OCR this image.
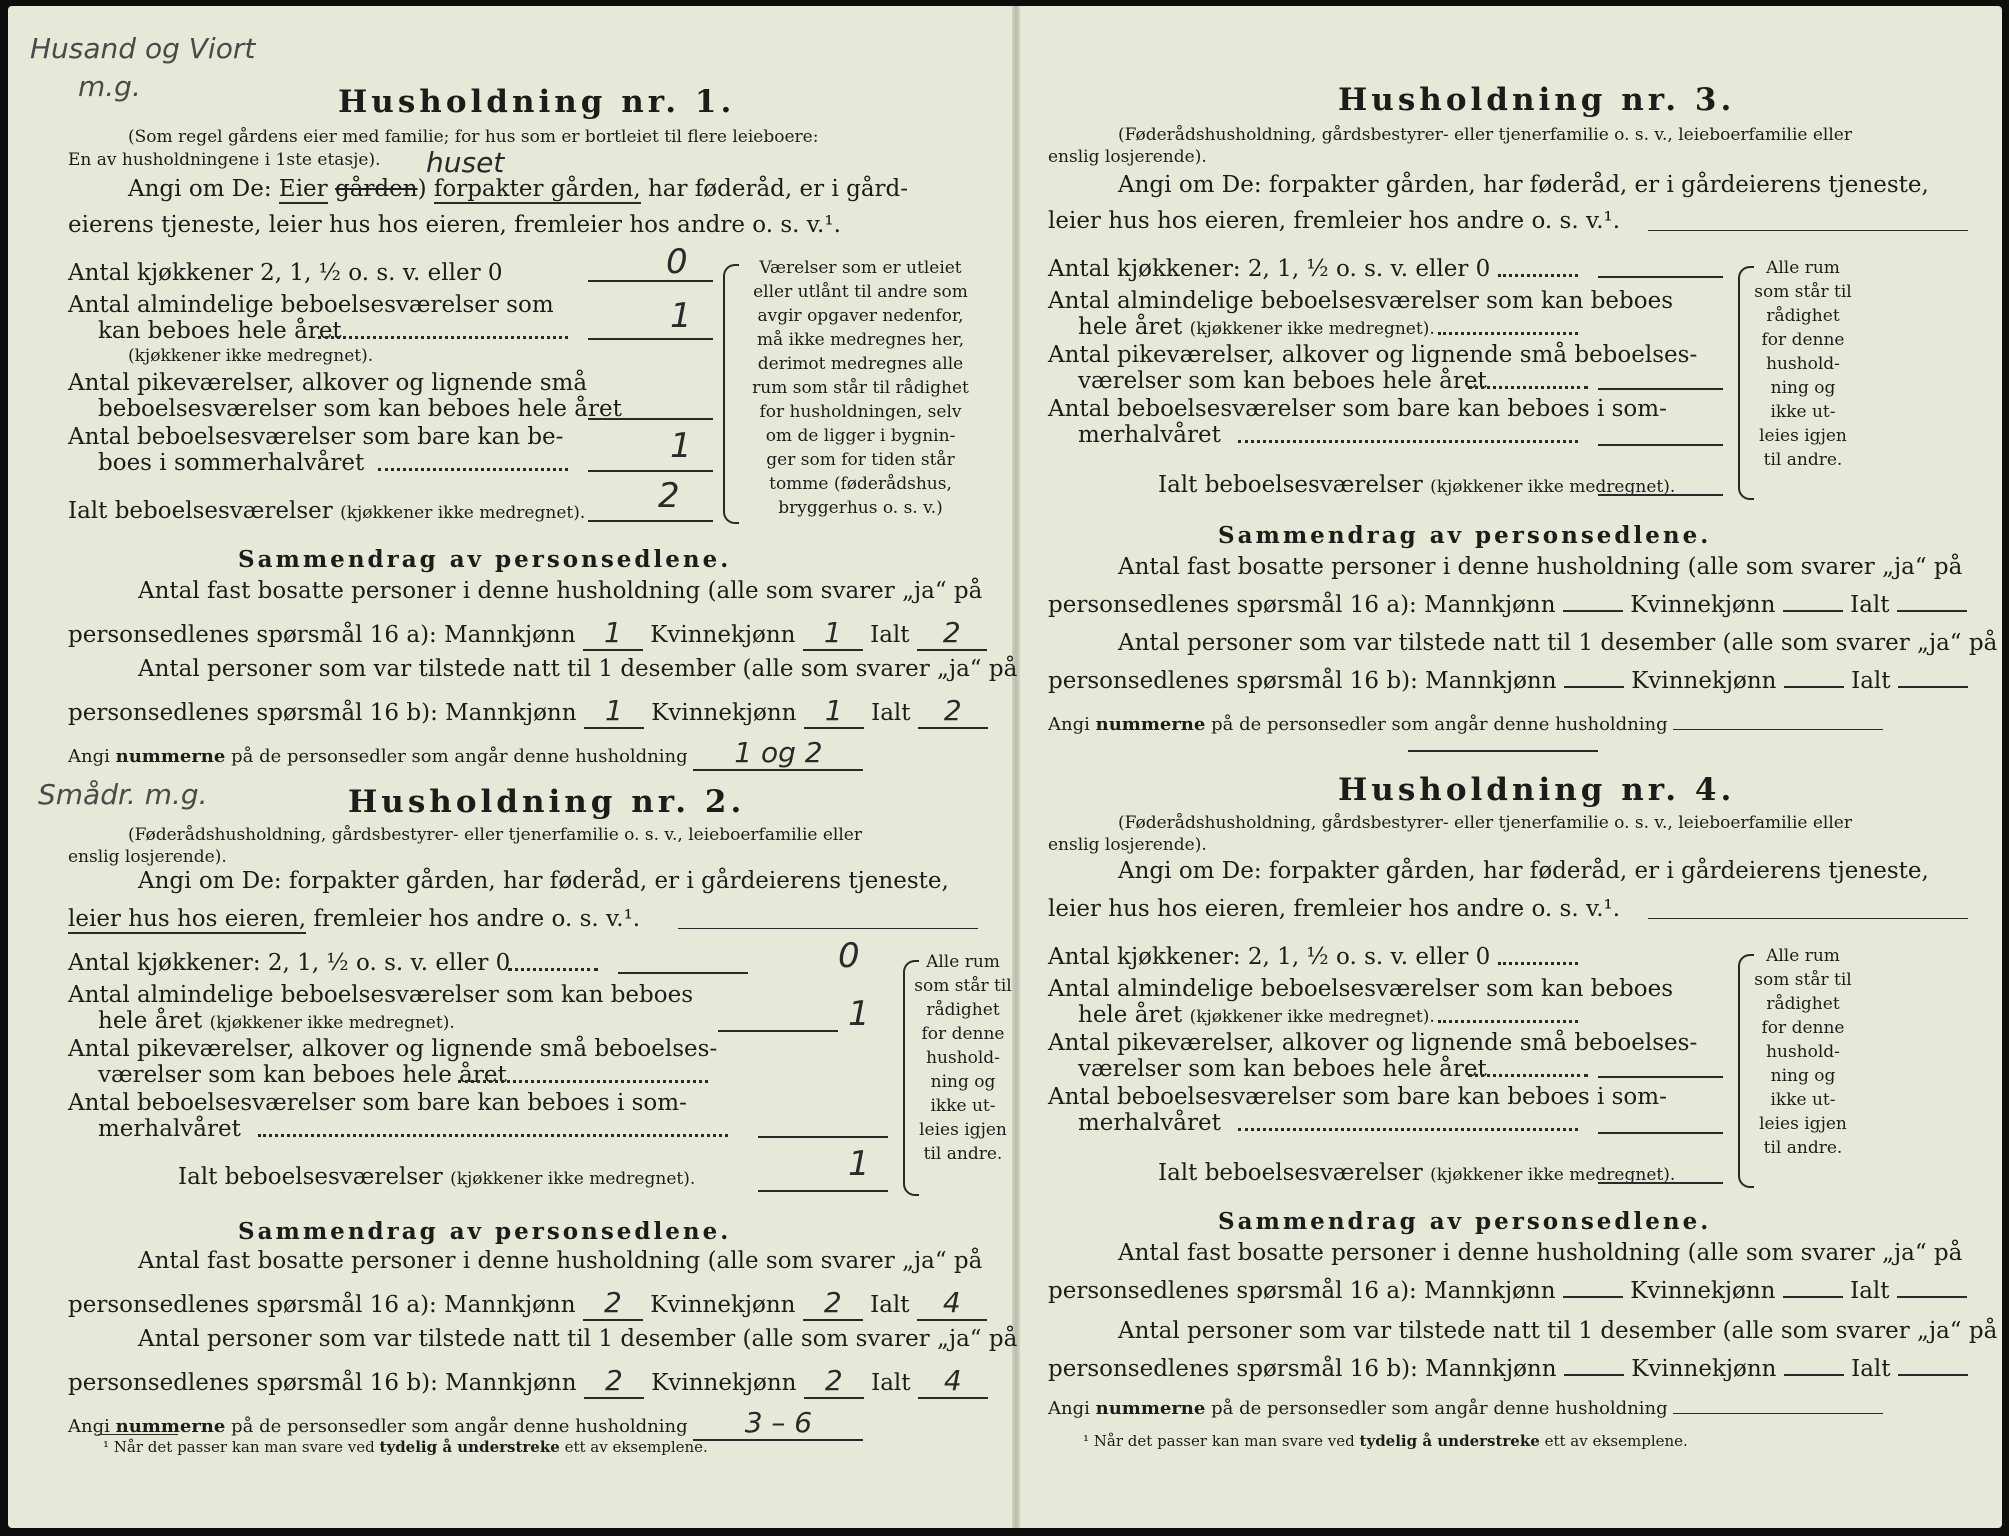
Husand og Viort
m.g.	Husholdning nr. 1.
(Som regel gårdens eier med familie; for hus som er bortleiet til flere leieboere:
En av husholdningene i 1ste etasje). huset
Angi om De: Eier gården) forpakter gården, har føderåd, er i gård-
eierens tjeneste, leier hus hos eieren, fremleier hos andre o. s. v.¹.
Antal kjøkkener 2, 1, ½ o. s. v. eller 0	0
Antal almindelige beboelsesværelser som
kan beboes hele året	1
(kjøkkener ikke medregnet).
Antal pikeværelser, alkover og lignende små
beboelsesværelser som kan beboes hele året
Antal beboelsesværelser som bare kan be-
boes i sommerhalvåret	1
Ialt beboelsesværelser (kjøkkener ikke medregnet). 2
Værelser som er utleiet
eller utlånt til andre som
avgir opgaver nedenfor,
må ikke medregnes her,
derimot medregnes alle
rum som står til rådighet
for husholdningen, selv
om de ligger i bygnin-
ger som for tiden står
tomme (føderådshus,
bryggerhus o. s. v.)
Sammendrag av personsedlene.
Antal fast bosatte personer i denne husholdning (alle som svarer „ja“ på
personsedlenes spørsmål 16 a): Mannkjønn 1 Kvinnekjønn 1 Ialt 2
Antal personer som var tilstede natt til 1 desember (alle som svarer „ja“ på
personsedlenes spørsmål 16 b): Mannkjønn 1 Kvinnekjønn 1 Ialt 2
Angi nummerne på de personsedler som angår denne husholdning 1 og 2
Smådr. m.g.	Husholdning nr. 2.
(Føderådshusholdning, gårdsbestyrer- eller tjenerfamilie o. s. v., leieboerfamilie eller
enslig losjerende).
Angi om De: forpakter gården, har føderåd, er i gårdeierens tjeneste,
leier hus hos eieren, fremleier hos andre o. s. v.¹.
Antal kjøkkener: 2, 1, ½ o. s. v. eller 0	0
Antal almindelige beboelsesværelser som kan beboes
hele året (kjøkkener ikke medregnet).	1
Antal pikeværelser, alkover og lignende små beboelses-
værelser som kan beboes hele året
Antal beboelsesværelser som bare kan beboes i som-
merhalvåret
Ialt beboelsesværelser (kjøkkener ikke medregnet).	1
Alle rum
som står til
rådighet
for denne
hushold-
ning og
ikke ut-
leies igjen
til andre.
Sammendrag av personsedlene.
Antal fast bosatte personer i denne husholdning (alle som svarer „ja“ på
personsedlenes spørsmål 16 a): Mannkjønn 2 Kvinnekjønn 2 Ialt 4
Antal personer som var tilstede natt til 1 desember (alle som svarer „ja“ på
personsedlenes spørsmål 16 b): Mannkjønn 2 Kvinnekjønn 2 Ialt 4
Angi nummerne på de personsedler som angår denne husholdning 3 – 6
¹ Når det passer kan man svare ved tydelig å understreke ett av eksemplene.
Husholdning nr. 3.
(Føderådshusholdning, gårdsbestyrer- eller tjenerfamilie o. s. v., leieboerfamilie eller
enslig losjerende).
Angi om De: forpakter gården, har føderåd, er i gårdeierens tjeneste,
leier hus hos eieren, fremleier hos andre o. s. v.¹.
Antal kjøkkener: 2, 1, ½ o. s. v. eller 0
Antal almindelige beboelsesværelser som kan beboes
hele året (kjøkkener ikke medregnet).
Antal pikeværelser, alkover og lignende små beboelses-
værelser som kan beboes hele året
Antal beboelsesværelser som bare kan beboes i som-
merhalvåret
Ialt beboelsesværelser (kjøkkener ikke medregnet).
Alle rum
som står til
rådighet
for denne
hushold-
ning og
ikke ut-
leies igjen
til andre.
Sammendrag av personsedlene.
Antal fast bosatte personer i denne husholdning (alle som svarer „ja“ på
personsedlenes spørsmål 16 a): Mannkjønn	Kvinnekjønn	Ialt
Antal personer som var tilstede natt til 1 desember (alle som svarer „ja“ på
personsedlenes spørsmål 16 b): Mannkjønn	Kvinnekjønn	Ialt
Angi nummerne på de personsedler som angår denne husholdning
Husholdning nr. 4.
(Føderådshusholdning, gårdsbestyrer- eller tjenerfamilie o. s. v., leieboerfamilie eller
enslig losjerende).
Angi om De: forpakter gården, har føderåd, er i gårdeierens tjeneste,
leier hus hos eieren, fremleier hos andre o. s. v.¹.
Antal kjøkkener: 2, 1, ½ o. s. v. eller 0
Antal almindelige beboelsesværelser som kan beboes
hele året (kjøkkener ikke medregnet).
Antal pikeværelser, alkover og lignende små beboelses-
værelser som kan beboes hele året
Antal beboelsesværelser som bare kan beboes i som-
merhalvåret
Ialt beboelsesværelser (kjøkkener ikke medregnet).
Alle rum
som står til
rådighet
for denne
hushold-
ning og
ikke ut-
leies igjen
til andre.
Sammendrag av personsedlene.
Antal fast bosatte personer i denne husholdning (alle som svarer „ja“ på
personsedlenes spørsmål 16 a): Mannkjønn	Kvinnekjønn	Ialt
Antal personer som var tilstede natt til 1 desember (alle som svarer „ja“ på
personsedlenes spørsmål 16 b): Mannkjønn	Kvinnekjønn	Ialt
Angi nummerne på de personsedler som angår denne husholdning
¹ Når det passer kan man svare ved tydelig å understreke ett av eksemplene.
